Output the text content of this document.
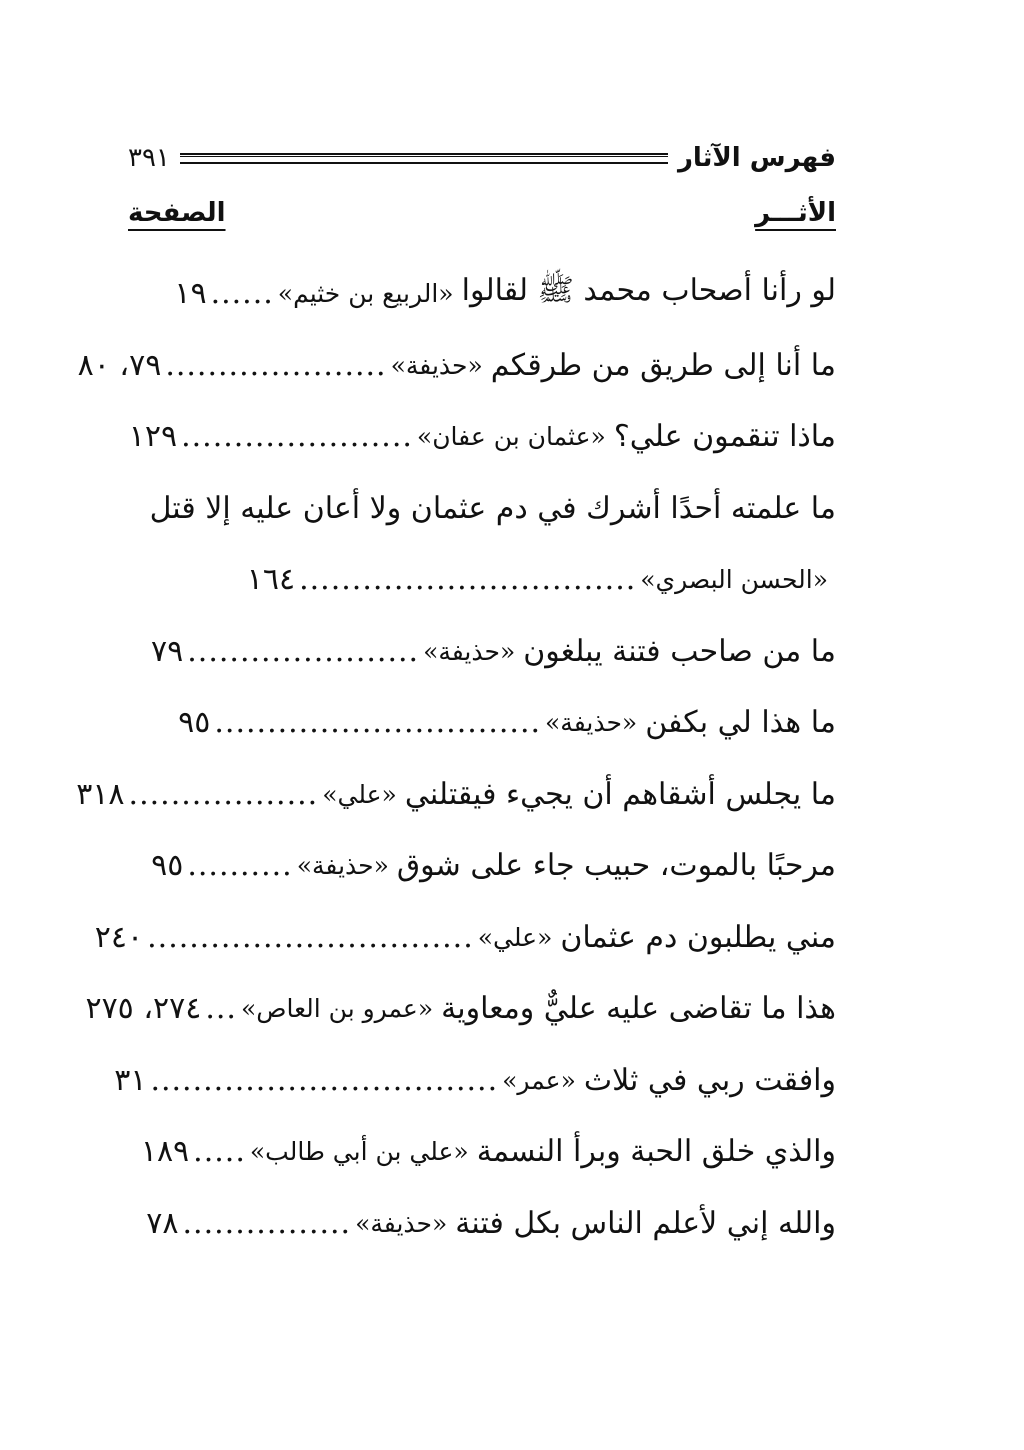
فهرس الآثار
٣٩١
الأثـــر
الصفحة
لو رأنا أصحاب محمد ﷺ لقالوا
«الربيع بن خثيم»
......
١٩
ما أنا إلى طريق من طرقكم
«حذيفة»
.....................
٧٩، ٨٠
ماذا تنقمون علي؟
«عثمان بن عفان»
......................
١٢٩
ما علمته أحدًا أشرك في دم عثمان ولا أعان عليه إلا قتل
«الحسن البصري»
................................
١٦٤
ما من صاحب فتنة يبلغون
«حذيفة»
......................
٧٩
ما هذا لي بكفن
«حذيفة»
...............................
٩٥
ما يجلس أشقاهم أن يجيء فيقتلني
«علي»
..................
٣١٨
مرحبًا بالموت، حبيب جاء على شوق
«حذيفة»
..........
٩٥
مني يطلبون دم عثمان
«علي»
...............................
٢٤٠
هذا ما تقاضى عليه عليٌّ ومعاوية
«عمرو بن العاص»
...
٢٧٤، ٢٧٥
وافقت ربي في ثلاث
«عمر»
.................................
٣١
والذي خلق الحبة وبرأ النسمة
«علي بن أبي طالب»
.....
١٨٩
والله إني لأعلم الناس بكل فتنة
«حذيفة»
................
٧٨
